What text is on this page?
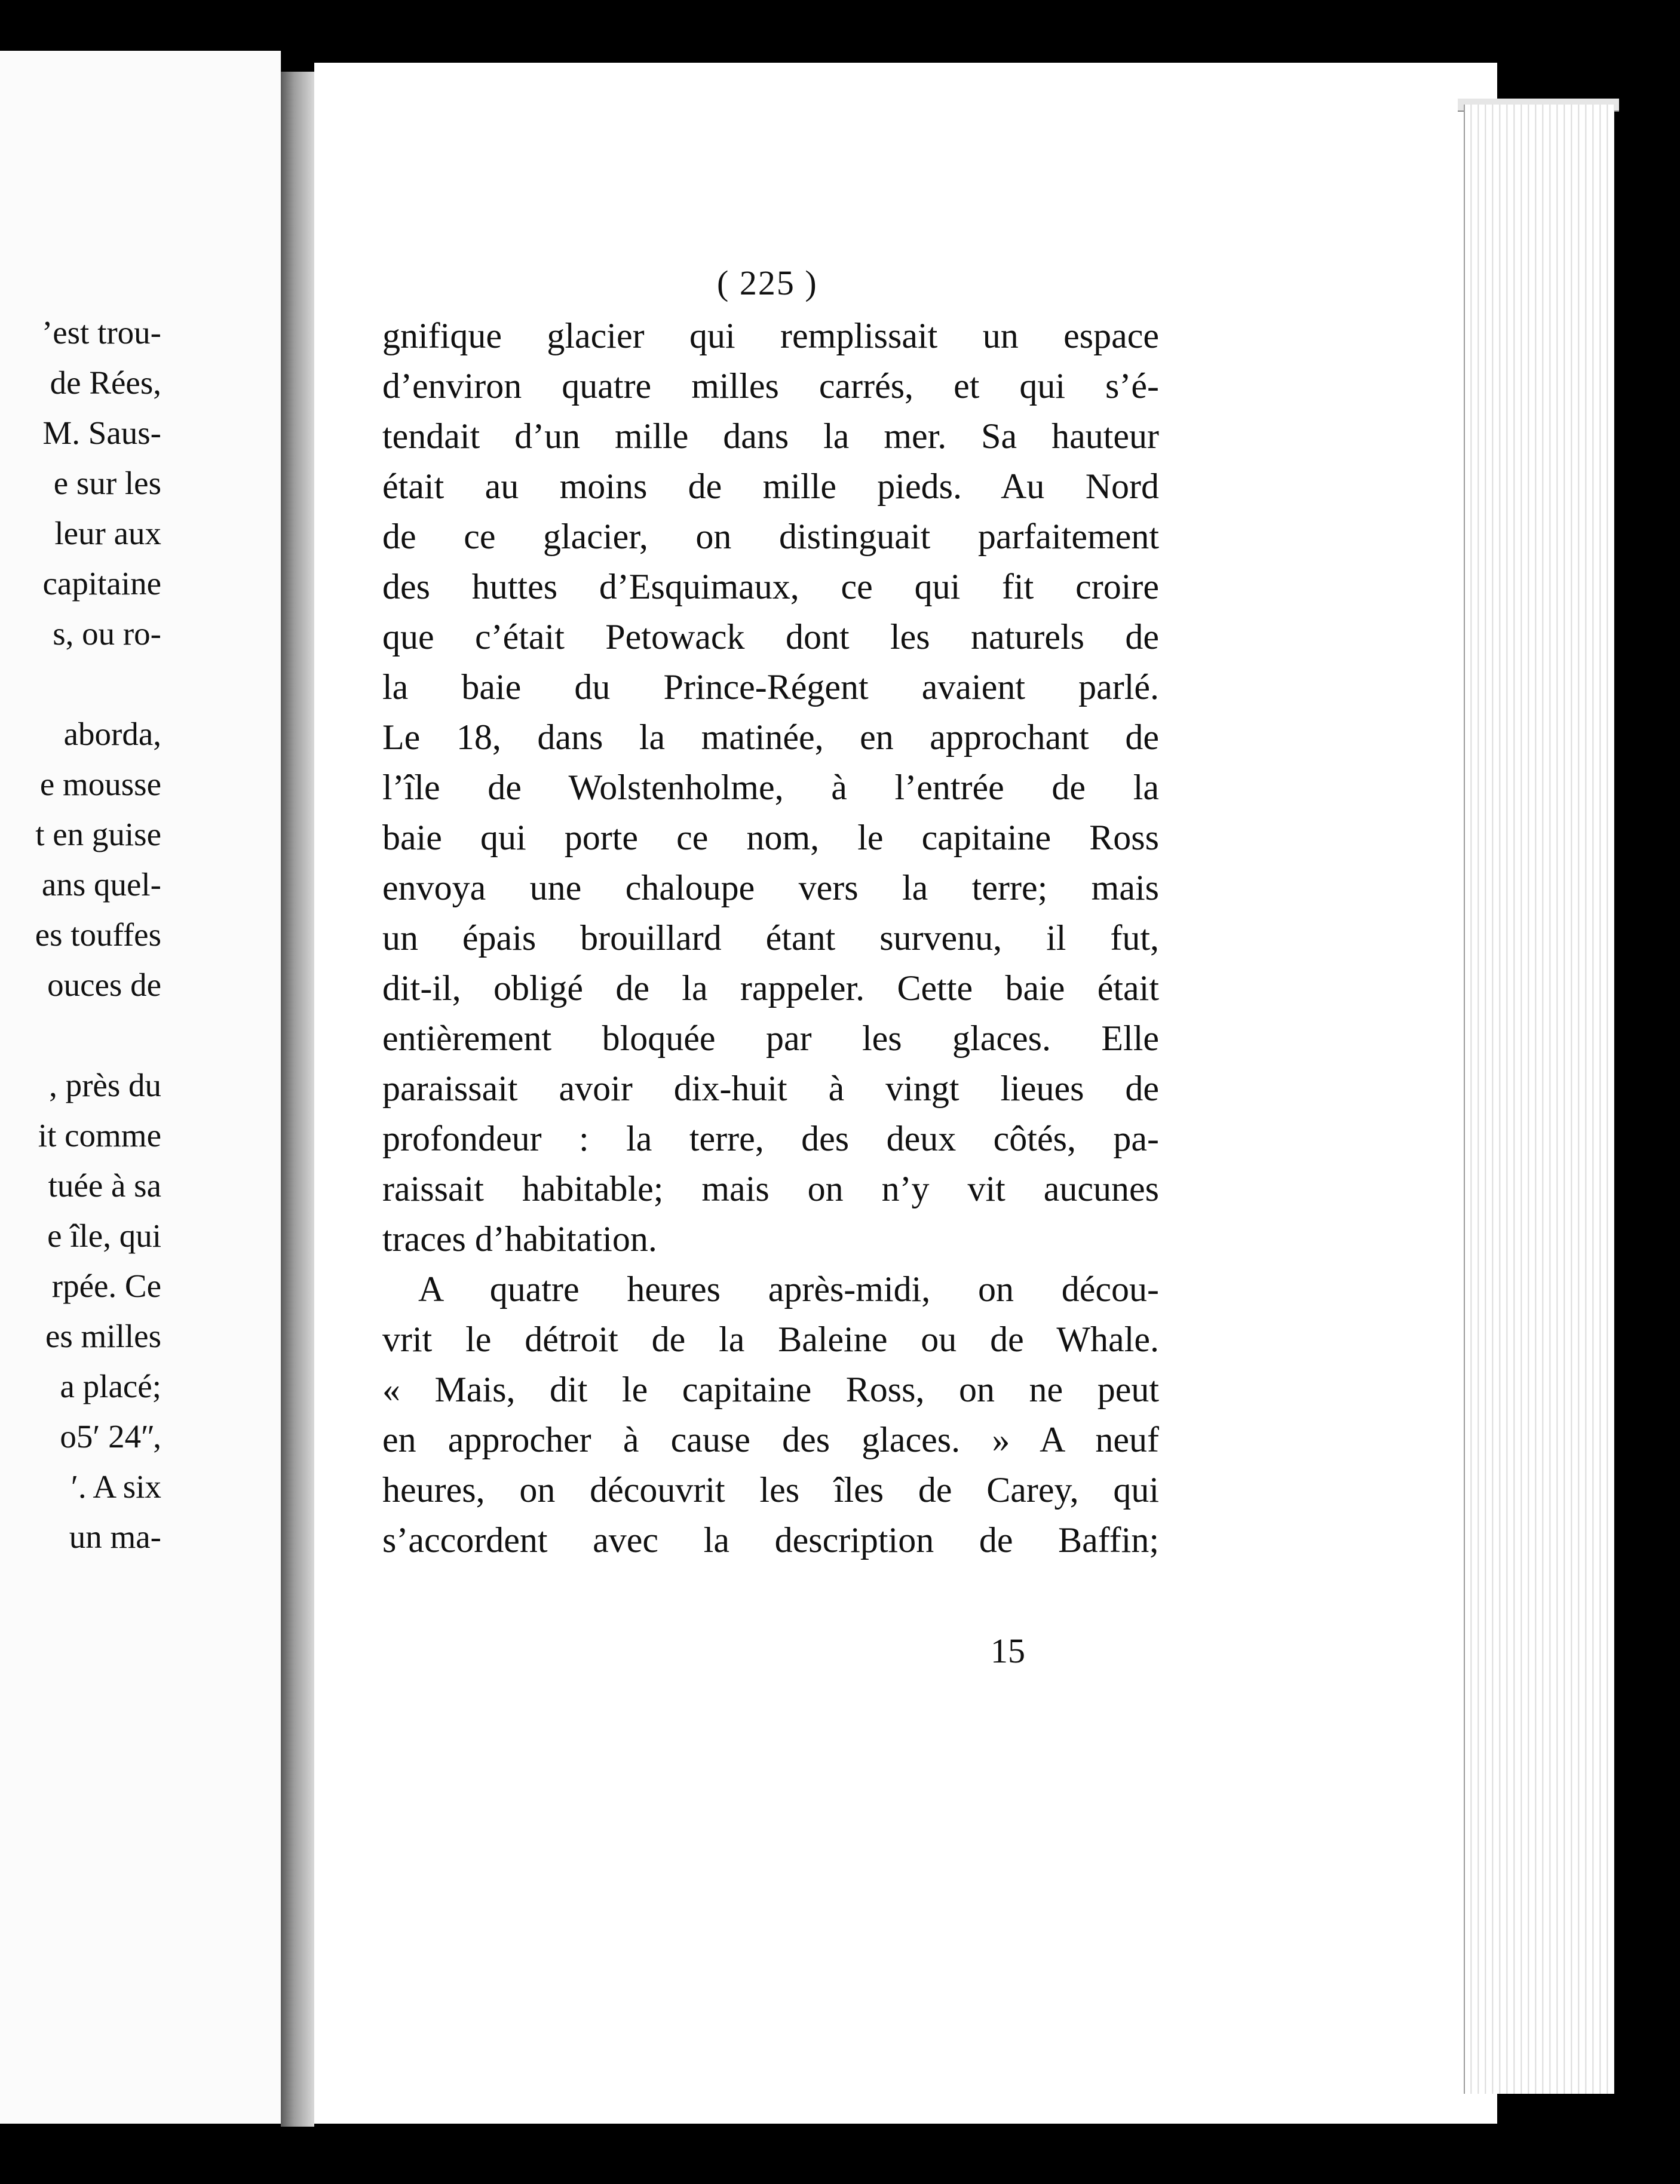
’est trou-
de Rées,
M. Saus-
e sur les
leur aux
capitaine
s, ou ro-
aborda,
e mousse
t en guise
ans quel-
es touffes
ouces de
, près du
it comme
tuée à sa
e île, qui
rpée. Ce
es milles
a placé;
o5ʹ 24ʺ,
ʹ. A six
un ma-
( 225 )
gnifique glacier qui remplissait un espace
d’environ quatre milles carrés, et qui s’é-
tendait d’un mille dans la mer. Sa hauteur
était au moins de mille pieds. Au Nord
de ce glacier, on distinguait parfaitement
des huttes d’Esquimaux, ce qui fit croire
que c’était Petowack dont les naturels de
la baie du Prince-Régent avaient parlé.
Le 18, dans la matinée, en approchant de
l’île de Wolstenholme, à l’entrée de la
baie qui porte ce nom, le capitaine Ross
envoya une chaloupe vers la terre; mais
un épais brouillard étant survenu, il fut,
dit-il, obligé de la rappeler. Cette baie était
entièrement bloquée par les glaces. Elle
paraissait avoir dix-huit à vingt lieues de
profondeur : la terre, des deux côtés, pa-
raissait habitable; mais on n’y vit aucunes
traces d’habitation.
A quatre heures après-midi, on décou-
vrit le détroit de la Baleine ou de Whale.
« Mais, dit le capitaine Ross, on ne peut
en approcher à cause des glaces. » A neuf
heures, on découvrit les îles de Carey, qui
s’accordent avec la description de Baffin;
15
